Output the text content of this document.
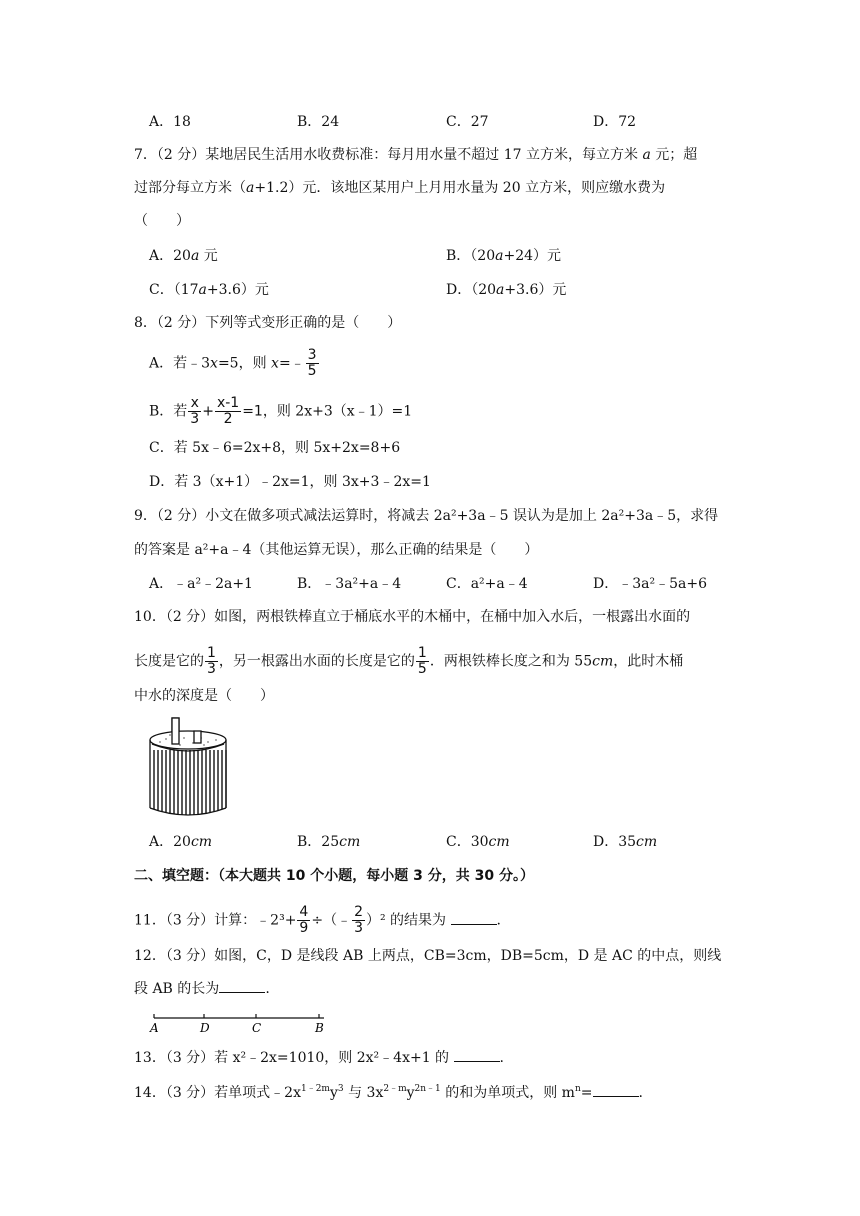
A．18	B．24	C．27	D．72
7．（2 分）某地居民生活用水收费标准：每月用水量不超过 17 立方米，每立方米 a 元；超
过部分每立方米（a+1.2）元．该地区某用户上月用水量为 20 立方米，则应缴水费为
（　　）
A．20a 元	B．（20a+24）元
C．（17a+3.6）元	D．（20a+3.6）元
8．（2 分）下列等式变形正确的是（　　）
A．若﹣3x=5，则 x=﹣ $\frac{3}{5}$
B．若 $\frac{x}{3} + \frac{x-1}{2} =1$，则 2x+3（x﹣1）=1
C．若 5x﹣6=2x+8，则 5x+2x=8+6
D．若 3（x+1）﹣2x=1，则 3x+3﹣2x=1
9．（2 分）小文在做多项式减法运算时，将减去 2a²+3a﹣5 误认为是加上 2a²+3a﹣5，求得
的答案是 a²+a﹣4（其他运算无误），那么正确的结果是（　　）
A．﹣a²﹣2a+1	B．﹣3a²+a﹣4	C．a²+a﹣4	D．﹣3a²﹣5a+6
10．（2 分）如图，两根铁棒直立于桶底水平的木桶中，在桶中加入水后，一根露出水面的
长度是它的 $\frac{1}{3}$ ，另一根露出水面的长度是它的 $\frac{1}{5}$ ．两根铁棒长度之和为 55cm，此时木桶
中水的深度是（　　）
A．20cm	B．25cm	C．30cm	D．35cm
二、填空题：（本大题共 10 个小题，每小题 3 分，共 30 分。）
11．（3 分）计算：﹣2³+ $\frac{4}{9}$ ÷（﹣ $\frac{2}{3} )^2$ 的结果为	.
12．（3 分）如图，C，D 是线段 AB 上两点，CB=3cm，DB=5cm，D 是 AC 的中点，则线
段 AB 的长为	.
A	D	C	B
13．（3 分）若 x²﹣2x=1010，则 2x²﹣4x+1 的	.
14．（3 分）若单项式$﹣2x^{1﹣2m}y^3$ 与 $3x^{2﹣m}y^{2n﹣1}$ 的和为单项式，则 $m^n=$	.
